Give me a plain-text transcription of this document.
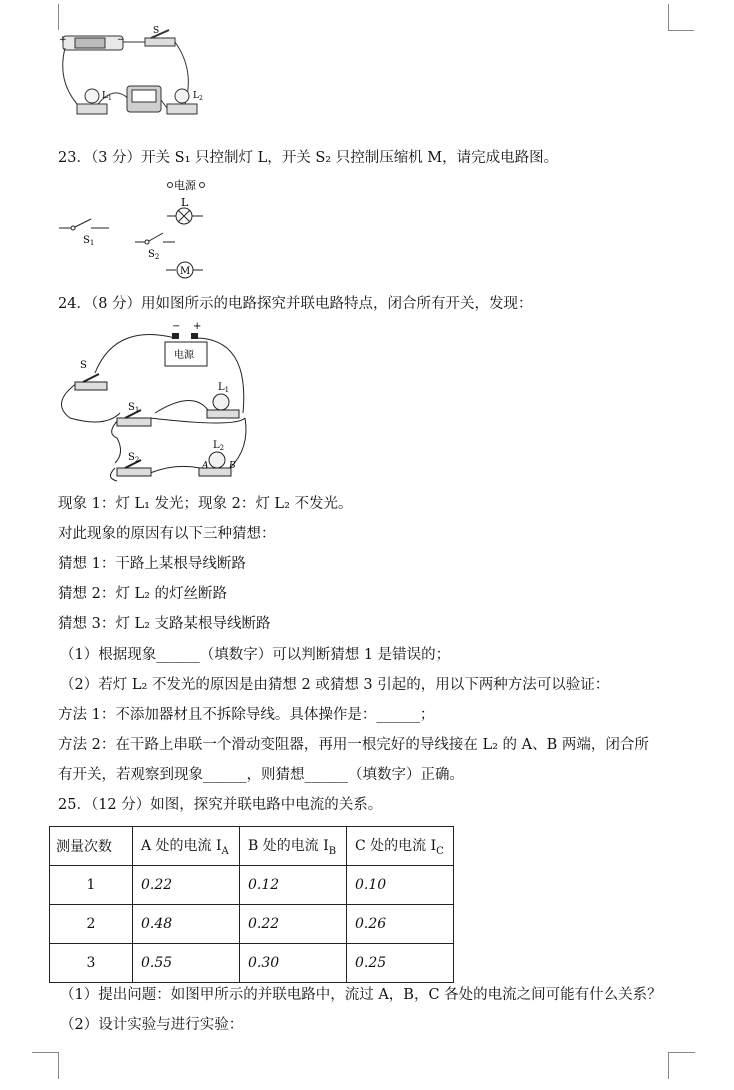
+	−
S
$L_1$	$L_2$
23．（3 分）开关 S₁ 只控制灯 L，开关 S₂ 只控制压缩机 M，请完成电路图。
电源
L
$S_1$
$S_2$
M
24．（8 分）用如图所示的电路探究并联电路特点，闭合所有开关，发现：
− +
电源
S
$S_1$
$L_1$
$S_2$
$L_2$
A B
现象 1：灯 L₁ 发光；现象 2：灯 L₂ 不发光。
对此现象的原因有以下三种猜想：
猜想 1：干路上某根导线断路
猜想 2：灯 L₂ 的灯丝断路
猜想 3：灯 L₂ 支路某根导线断路
（1）根据现象______（填数字）可以判断猜想 1 是错误的；
（2）若灯 L₂ 不发光的原因是由猜想 2 或猜想 3 引起的，用以下两种方法可以验证：
方法 1：不添加器材且不拆除导线。具体操作是：______；
方法 2：在干路上串联一个滑动变阻器，再用一根完好的导线接在 L₂ 的 A、B 两端，闭合所
有开关，若观察到现象______，则猜想______（填数字）正确。
25．（12 分）如图，探究并联电路中电流的关系。
测量次数	A 处的电流 $I_A$	B 处的电流 $I_B$	C 处的电流 $I_C$
1	0.22	0.12	0.10
2	0.48	0.22	0.26
3	0.55	0.30	0.25
（1）提出问题：如图甲所示的并联电路中，流过 A，B，C 各处的电流之间可能有什么关系？
（2）设计实验与进行实验：
